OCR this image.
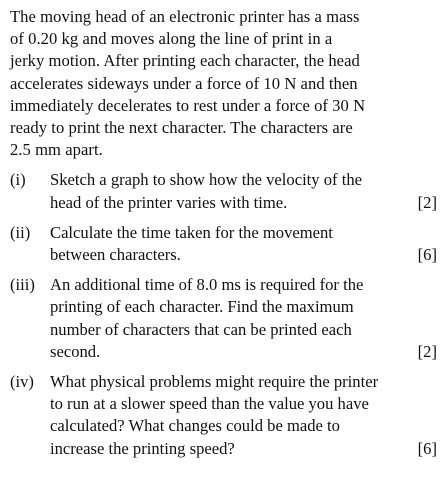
The moving head of an electronic printer has a mass
of 0.20 kg and moves along the line of print in a
jerky motion. After printing each character, the head
accelerates sideways under a force of 10 N and then
immediately decelerates to rest under a force of 30 N
ready to print the next character. The characters are
2.5 mm apart.

(i)	Sketch a graph to show how the velocity of the
head of the printer varies with time.	[2]
(ii)	Calculate the time taken for the movement
between characters.	[6]
(iii) An additional time of 8.0 ms is required for the
printing of each character. Find the maximum
number of characters that can be printed each
second.	[2]
(iv) What physical problems might require the printer
to run at a slower speed than the value you have
calculated? What changes could be made to
increase the printing speed?	[6]
